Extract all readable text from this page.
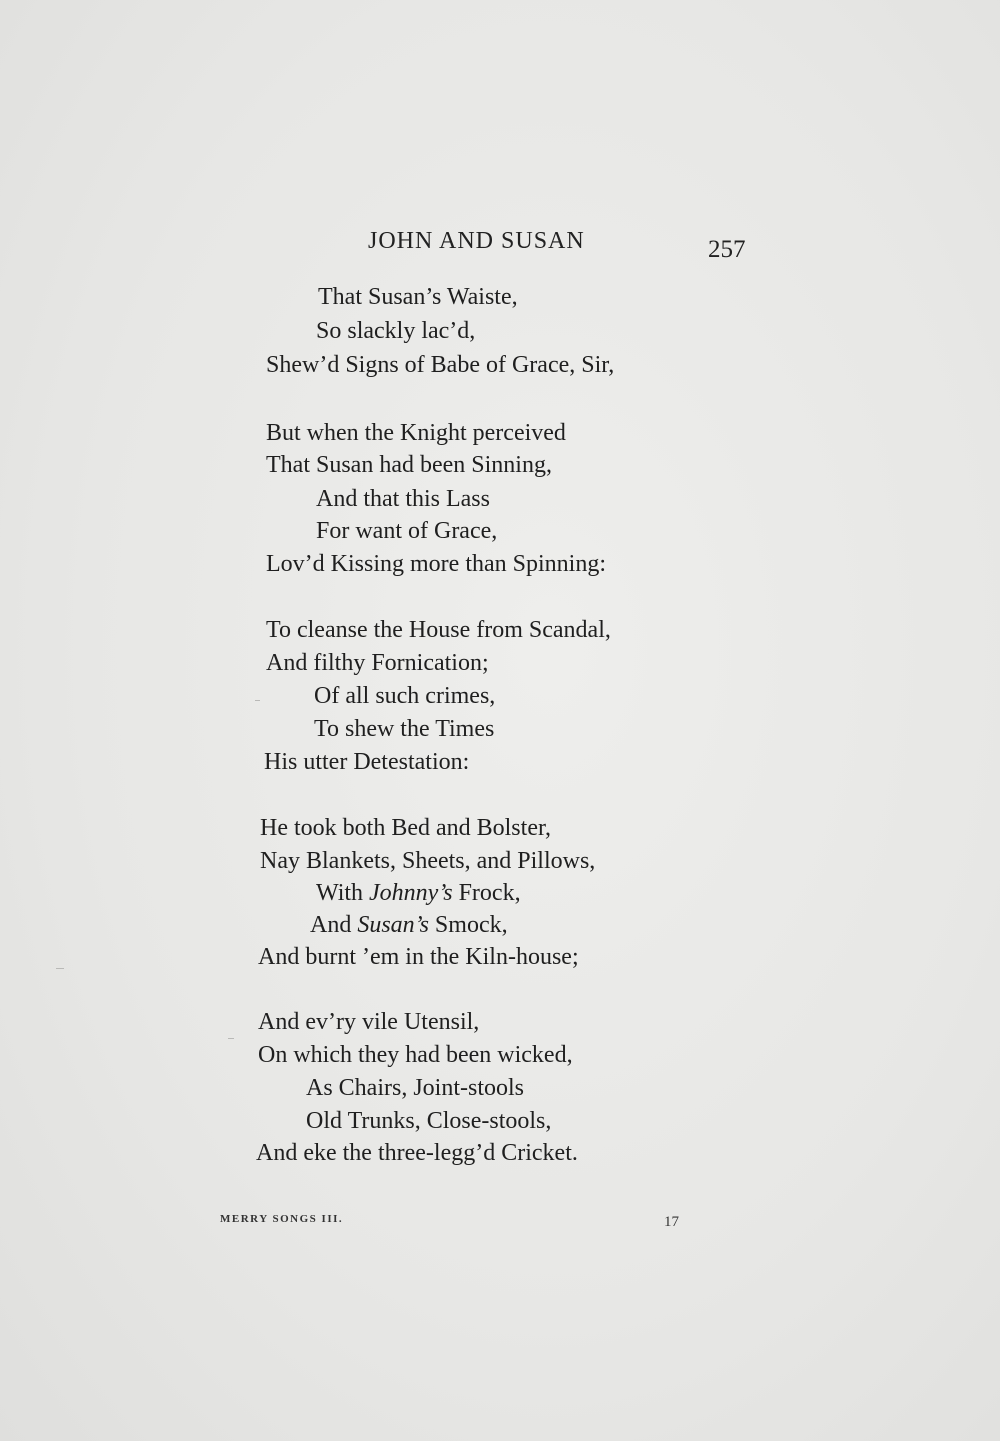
JOHN AND SUSAN	257
That Susan’s Waiste,
So slackly lac’d,
Shew’d Signs of Babe of Grace, Sir,
But when the Knight perceived
That Susan had been Sinning,
And that this Lass
For want of Grace,
Lov’d Kissing more than Spinning:
To cleanse the House from Scandal,
And filthy Fornication;
Of all such crimes,
To shew the Times
His utter Detestation:
He took both Bed and Bolster,
Nay Blankets, Sheets, and Pillows,
With Johnny’s Frock,
And Susan’s Smock,
And burnt ’em in the Kiln-house;
And ev’ry vile Utensil,
On which they had been wicked,
As Chairs, Joint-stools
Old Trunks, Close-stools,
And eke the three-legg’d Cricket.
MERRY SONGS III.	17
